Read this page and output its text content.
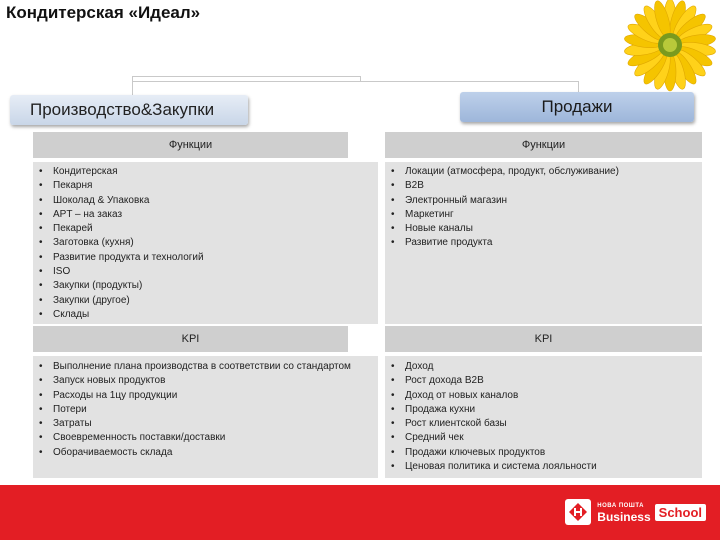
Кондитерская «Идеал»
Производство&Закупки	Продажи
Функции
• Кондитерская
• Пекарня
• Шоколад & Упаковка
• APT – на заказ
• Пекарей
• Заготовка (кухня)
• Развитие продукта и технологий
• ISO
• Закупки (продукты)
• Закупки (другое)
• Склады
Функции
• Локации (атмосфера, продукт, обслуживание)
• B2B
• Электронный магазин
• Маркетинг
• Новые каналы
• Развитие продукта
KPI
• Выполнение плана производства в соответствии со стандартом
• Запуск новых продуктов
• Расходы на 1цу продукции
• Потери
• Затраты
• Своевременность поставки/доставки
• Оборачиваемость склада
KPI
• Доход
• Рост дохода B2B
• Доход от новых каналов
• Продажа кухни
• Рост клиентской базы
• Средний чек
• Продажи ключевых продуктов
• Ценовая политика и система лояльности
НОВА ПОШТА
Business School
